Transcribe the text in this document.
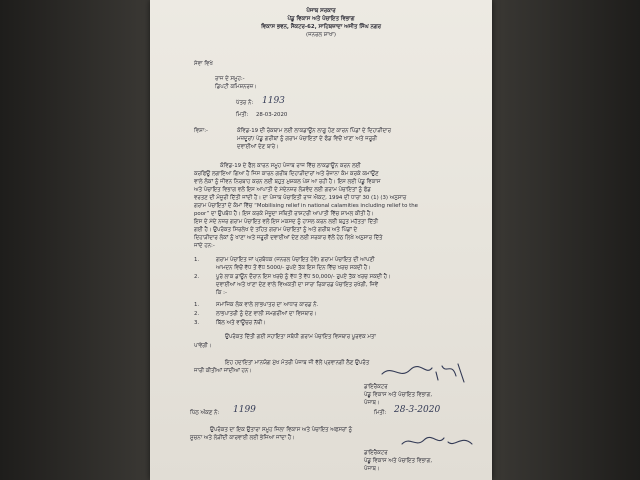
ਪੰਜਾਬ ਸਰਕਾਰ
ਪੇਂਡੂ ਵਿਕਾਸ ਅਤੇ ਪੰਚਾਇਤ ਵਿਭਾਗ
ਵਿਕਾਸ ਭਵਨ, ਸੈਕਟਰ-62, ਸਾਹਿਬਜ਼ਾਦਾ ਅਜੀਤ ਸਿੰਘ ਨਗਰ
(ਜਨਰਲ ਸ਼ਾਖਾ)
ਸੇਵਾ ਵਿਖੇ
ਰਾਜ ਦੇ ਸਮੂਹ:-
ਡਿਪਟੀ ਕਮਿਸ਼ਨਰਜ਼।
ਪੱਤਰ ਨੰ: 1193
ਮਿਤੀ: 28-03-2020
ਵਿਸ਼ਾ:-	ਕੋਵਿਡ-19 ਦੀ ਰੋਕਥਾਮ ਲਈ ਲਾਕਡਾਊਨ ਲਾਗੂ ਹੋਣ ਕਾਰਨ ਪਿੰਡਾਂ ਦੇ ਦਿਹਾੜੀਦਾਰ
ਮਜ਼ਦੂਰਾਂ/ ਪੇਂਡੂ ਗਰੀਬਾਂ ਨੂੰ ਗਰਾਮ ਪੰਚਾਇਤਾਂ ਦੇ ਫੰਡ ਵਿਚੋਂ ਖਾਣਾ ਅਤੇ ਜਰੂਰੀ
ਦਵਾਈਆਂ ਦੇਣ ਬਾਰੇ।
ਕੋਵਿਡ-19 ਦੇ ਫੈਲ ਕਾਰਨ ਸਮੂਹ ਪੰਜਾਬ ਰਾਜ ਵਿੱਚ ਲਾਕਡਾਊਨ ਕਰਨ ਲਈ
ਕਰਫਿਊ ਲਗਾਇਆ ਗਿਆ ਹੈ ਜਿਸ ਕਾਰਨ ਗਰੀਬ ਦਿਹਾੜੀਦਾਰਾਂ ਅਤੇ ਰੋਜ਼ਾਨਾ ਕੰਮ ਕਰਕੇ ਕਮਾਉਣ
ਵਾਲੇ ਲੋਕਾਂ ਨੂੰ ਜੀਵਨ ਨਿਰਬਾਹ ਕਰਨ ਲਈ ਬਹੁਤ ਮੁਸ਼ਕਲ ਪੇਸ਼ ਆ ਰਹੀ ਹੈ। ਇਸ ਲਈ ਪੇਂਡੂ ਵਿਕਾਸ
ਅਤੇ ਪੰਚਾਇਤ ਵਿਭਾਗ ਵਲੋਂ ਇਸ ਆਪਾਤੀ ਦੇ ਮੱਦੇਨਜ਼ਰ ਲੋੜਵੰਦ ਲਈ ਗਰਾਮ ਪੰਚਾਇਤਾਂ ਨੂੰ ਫੰਡ
ਵਰਤਣ ਦੀ ਮੰਜੂਰੀ ਦਿੱਤੀ ਜਾਂਦੀ ਹੈ। ਦਾ ਪੰਜਾਬ ਪੰਚਾਇਤੀ ਰਾਜ ਐਕਟ, 1994 ਦੀ ਧਾਰਾ 30 (1) (3) ਅਨੁਸਾਰ
ਗਰਾਮ ਪੰਚਾਇਤਾਂ ਦੇ ਕੰਮਾਂ ਵਿੱਚ “Mobilising relief in national calamities including relief to the
poor” ਦਾ ਉਪਬੰਧ ਹੈ। ਇਸ ਕਰਕੇ ਮੌਜੂਦਾ ਸਥਿਤੀ ਰਾਸ਼ਟਰੀ ਆਪਾਤੀ ਵਿੱਚ ਸ਼ਾਮਲ ਕੀਤੀ ਹੈ।
ਇਸ ਦੇ ਮੱਦੇ ਨਜ਼ਰ ਗਰਾਮ ਪੰਚਾਇਤ ਵਲੋਂ ਇਸ ਮਕਸਦ ਨੂੰ ਹਾਸਲ ਕਰਨ ਲਈ ਬਹੁਤ ਮਹੱਤਤਾ ਦਿੱਤੀ
ਗਈ ਹੈ। ਉਪਰੋਕਤ ਸਿਰਲੇਖ ਦੇ ਤਹਿਤ ਗਰਾਮ ਪੰਚਾਇਤਾਂ ਨੂੰ ਅਤੇ ਗਰੀਬ ਅਤੇ ਪਿੰਡਾਂ ਦੇ
ਦਿਹਾੜੀਦਾਰ ਲੋਕਾਂ ਨੂੰ ਖਾਣਾ ਅਤੇ ਜਰੂਰੀ ਦਵਾਈਆਂ ਦੇਣ ਲਈ ਸਰਕਾਰ ਵੱਲੋਂ ਹੇਠ ਲਿਖੇ ਅਨੁਸਾਰ ਦਿੱਤੇ
ਜਾਂਦੇ ਹਨ:-
1.	ਗਰਾਮ ਪੰਚਾਇਤ ਜਾਂ ਪ੍ਰਬੰਧਕ (ਜਨਰਲ ਪੰਚਾਇਤ ਹੋਵੇ) ਗਰਾਮ ਪੰਚਾਇਤ ਦੀ ਆਪਣੀ
ਆਮਦਨ ਵਿਚੋਂ ਵੱਧ ਤੋਂ ਵੱਧ 5000/- ਰੁਪਏ ਤੱਕ ਇਸ ਦਿਨ ਵਿੱਚ ਖਰਚ ਸਕਦੀ ਹੈ।
2.	ਪੂਰੇ ਲਾਕ ਡਾਊਨ ਦੌਰਾਨ ਇਸ ਖਰਚੇ ਨੂੰ ਵੱਧ ਤੋਂ ਵੱਧ 50,000/- ਰੁਪਏ ਤੱਕ ਖਰਚ ਸਕਦੀ ਹੈ।
ਦਵਾਈਆਂ ਅਤੇ ਖਾਣਾ ਦੇਣ ਵਾਲੇ ਵਿਅਕਤੀ ਦਾ ਸਾਰਾ ਰਿਕਾਰਡ ਪੰਚਾਇਤ ਰਖੇਗੀ, ਜਿਵੇਂ
ਕਿ :-
1.	ਸਮਾਜਿਕ ਲੋਕ ਵਾਲੇ ਲਾਭਪਾਤਰ ਦਾ ਆਧਾਰ ਕਾਰਡ ਨੰ.
2.	ਲਾਭਪਾਤਰੀ ਨੂੰ ਦੇਣ ਵਾਲੀ ਸਮਗਰੀਆਂ ਦਾ ਵਿਸਥਾਰ।
3.	ਬਿੱਲ ਅਤੇ ਵਾਊਚਰ ਨੱਥੀ।
ਉਪਰੋਕਤ ਦਿੱਤੀ ਗਈ ਸਹਾਇਤਾ ਸਬੰਧੀ ਗਰਾਮ ਪੰਚਾਇਤ ਵਿਸਥਾਰ ਪੂਰਵਕ ਮਤਾ
ਪਾਵੇਗੀ।
ਇਹ ਹਦਾਇਤਾਂ ਮਾਨਯੋਗ ਮੁੱਖ ਮੰਤਰੀ ਪੰਜਾਬ ਜੀ ਵੱਲੋਂ ਪ੍ਰਵਾਨਗੀ ਲੈਣ ਉਪਰੰਤ
ਜਾਰੀ ਕੀਤੀਆਂ ਜਾਂਦੀਆਂ ਹਨ।
ਡਾਇਰੈਕਟਰ
ਪੇਂਡੂ ਵਿਕਾਸ ਅਤੇ ਪੰਚਾਇਤ ਵਿਭਾਗ,
ਪੰਜਾਬ।
ਪਿੱਠ ਅੰਕਣ ਨੰ: 1199	ਮਿਤੀ: 28-3-2020
ਉਪਰੋਕਤ ਦਾ ਇਕ ਉਤਾਰਾ ਸਮੂਹ ਜਿਲਾ ਵਿਕਾਸ ਅਤੇ ਪੰਚਾਇਤ ਅਫਸਰਾਂ ਨੂੰ
ਸੂਚਨਾ ਅਤੇ ਲੋੜੀਂਦੀ ਕਾਰਵਾਈ ਲਈ ਭੇਜਿਆ ਜਾਂਦਾ ਹੈ।
ਡਾਇਰੈਕਟਰ
ਪੇਂਡੂ ਵਿਕਾਸ ਅਤੇ ਪੰਚਾਇਤ ਵਿਭਾਗ,
ਪੰਜਾਬ।
